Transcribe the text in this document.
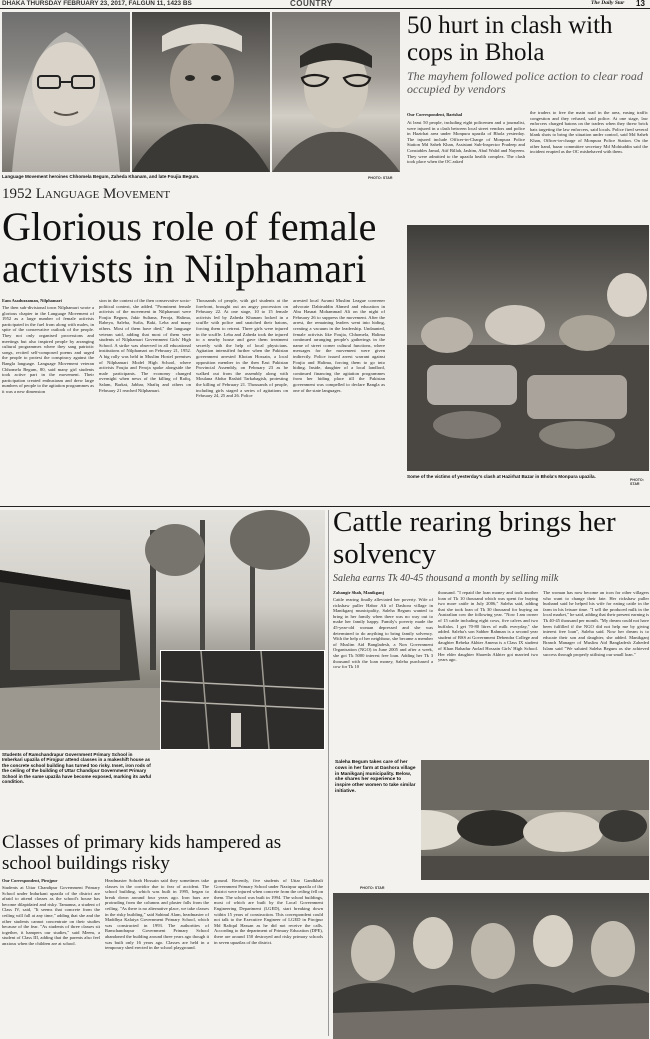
DHAKA THURSDAY FEBRUARY 23, 2017, FALGUN 11, 1423 BS	COUNTRY	The Daily Star 13
Language Movement heroines Chhomela Begum, Zaheda Khanam, and late Foujia Begum.	PHOTO: STAR
1952 Language Movement
Glorious role of female activists in Nilphamari
Eam Asaduzzaman, Nilphamari
The then sub-divisional town Nilphamari wrote a glorious chapter in the Language Movement of 1952 as a large number of female activists participated in the fuel from along with males, in spite of the conservative outlook of the people. They not only organised processions and meetings but also inspired people by arranging cultural programmes where they sang patriotic songs, recited self-composed poems and urged the people to protest the conspiracy against the Bangla language. Language Movement veteran Chhomela Begum, 80, said many girl students took active part in the movement. Their participation created enthusiasm and drew large numbers of people to the agitation programmes as it was a new dimension
sion in the context of the then conservative socio-political context, she added. "Prominent female activists of the movement in Nilphamari were Foujia Begum, Jakir Sultana, Feroja, Halima, Rabeya, Saleha, Sufia, Baki, Leba and many others. Most of them have died," the language veteran said, adding that most of them were students of Nilphamari Government Girls' High School. A strike was observed in all educational institutions of Nilphamari on February 21, 1952. A big rally was held in Muslim Hostel premises of Nilphamari Model High School, where activists Foujia and Feroja spoke alongside the male participants. The economy changed overnight when news of the killing of Rafiq, Salam, Barkat, Jabbar, Shafiq and others on February 21 reached Nilphamari.
Thousands of people, with girl students at the forefront, brought out an angry procession on February 22. At one stage, 10 to 15 female activists led by Zaheda Khanam locked in a scuffle with police and snatched their batons, forcing them to retreat. Three girls were injured in the scuffle. Leba and Zaheda took the injured to a nearby house and gave them treatment secretly with the help of local physicians. Agitation intensified further when the Pakistan government arrested Khotan Hossain, a local opposition member in the then East Pakistan Provincial Assembly, on February 23 as he walked out from the assembly along with Moulana Abdur Rashid Tarkabagish, protesting the killing of February 21. Thousands of people, including girls staged a series of agitations on February 24, 25 and 26. Police
arrested local Awami Muslim League convener advocate Dabiruddin Ahmed and education in Abu Hasnat Mohammad Ali on the night of February 26 to suppress the movement. After the arrest, the remaining leaders went into hiding, creating a vacuum in the leadership. Undaunted, female activists like Foujia, Chhomela, Halima continued arranging people's gatherings in the name of street corner cultural functions, where messages for the movement were given indirectly. Police issued arrest warrant against Foujia and Halima, forcing them to go into hiding. Inside, daughter of a local landlord, continued financing the agitation programmes from her hiding place till the Pakistan government was compelled to declare Bangla as one of the state languages.
50 hurt in clash with cops in Bhola
The mayhem followed police action to clear road occupied by vendors
Our Correspondent, Barishal
At least 50 people, including eight policemen and a journalist, were injured in a clash between local street vendors and police in Hazirhat area under Monpura upazila of Bhola yesterday. The injured include Officer-in-Charge of Monpura Police Station Md Saheb Khan, Assistant Sub-Inspector Pradeep and Constables Jamal, Atif Billah, Jashim, Abul Walid and Nayeem. They were admitted to the upazila health complex. The clash took place when the OC asked
the traders to free the main road in the area, easing traffic congestion and they refused, said police. At one stage, law enforcers charged batons on the traders when they threw brick bats targeting the law enforcers, said locals. Police fired several blank shots to bring the situation under control, said Md Saheb Khan, Officer-in-charge of Monpura Police Station. On the other hand, bazar committee secretary Md Mohiuddin said the incident erupted as the OC misbehaved with them.
Some of the victims of yesterday's clash at Hazirhat Bazar in Bhola's Monpura upazila.
PHOTO: STAR
Students of Ramchandrapur Government Primary School in Imberkari upazila of Pirojpur attend classes in a makeshift house as the concrete school building has turned too risky. Inset, iron rods of the ceiling of the building of Uttar Chandipur Government Primary School in the same upazila have become exposed, marking its awful condition.
Classes of primary kids hampered as school buildings risky
Our Correspondent, Pirojpur
Students at Uttar Chandipur Government Primary School under Indurkani upazila of the district are afraid to attend classes as the school's house has become dilapidated and risky. Tamanna, a student of Class IV, said, "It seems that concrete from the ceiling will fall at any time," adding that she and the other students cannot concentrate on their studies because of the fear. "As students of three classes sit together, it hampers our studies," said Meem, a student of Class III, adding that the parents also feel anxious when the children are at school.
Headmaster Sohrab Hossain said they sometimes take classes in the corridor due to fear of accident. The school building, which was built in 1995, began to break down around four years ago. Iron bars are protruding from the columns and plaster falls from the ceiling. "As there is no alternative place, we take classes in the risky building," said Sahinul Alam, headmaster of Maddhya Kalaiya Government Primary School, which was constructed in 1993. The authorities of Ramchandrapur Government Primary School abandoned the building around three years ago though it was built only 16 years ago. Classes are held in a temporary shed erected in the school playground.
ground. Recently, five students of Uttar Gandkhali Government Primary School under Nazirpur upazila of the district were injured when concrete from the ceiling fell on them. The school was built in 1994. The school buildings, most of which are built by the Local Government Engineering Department (LGED), start breaking down within 15 years of construction. This correspondent could not talk to the Executive Engineer of LGED in Pirojpur Md Rafiqul Hassan as he did not receive the calls. According to the department of Primary Education (DPE), there are around 150 destroyed and risky primary schools in seven upazilas of the district.
Cattle rearing brings her solvency
Saleha earns Tk 40-45 thousand a month by selling milk
Zahangir Shah, Manikganj
Cattle rearing finally alleviated her poverty. Wife of rickshaw puller Habor Ali of Dashora village in Manikganj municipality, Saleha Begum wanted to bring in her family when there was no way out to make her family happy. Family's poverty made the 45-year-old woman depressed and she was determined to do anything to bring family solvency. With the help of her neighbour, she became a member of Muslim Aid Bangladesh, a Non Government Organisation (NGO) in June 2005 and after a week, she got Tk 5000 interest free loan. Adding her Tk 3 thousand with the loan money, Saleha purchased a cow for Tk 10
thousand. "I repaid the loan money and took another loan of Tk 10 thousand which was spent for buying two more cattle in July 2006," Saleha said, adding that she took loan of Tk 30 thousand for buying an Australian cow the following year. "Now I am owner of 15 cattle including eight cows, five calves and two buffalos. I get 70-80 litres of milk everyday," she added. Saleha's son Sabber Rahman is a second year student of BSS at Government Debendra College and daughter Rebeka Akhter Amena is a Class IX student of Khan Bahadur Awlad Hossain Girls' High School. Her elder daughter Shareda Akhter got married two years ago.
The woman has now become an icon for other villagers who want to change their fate. Her rickshaw puller husband said he helped his wife for eating cattle in the farm in his leisure time. "I sell the produced milk in the local market," he said, adding that their present earning is Tk 40-45 thousand per month. "My dream could not have been fulfilled if the NGO did not help me by giving interest free loan", Saleha said. Now her dream is to educate their son and daughter, she added. Manikganj Branch Manager of Muslim Aid Bangladesh Zaheded Islam said "We saluted Saleha Begum as she achieved success through properly utilising our small loan."
Saleha Begum takes care of her cows in her farm at Dashora village in Manikganj municipality. Below, she shares her experience to inspire other women to take similar initiative.
PHOTO: STAR
